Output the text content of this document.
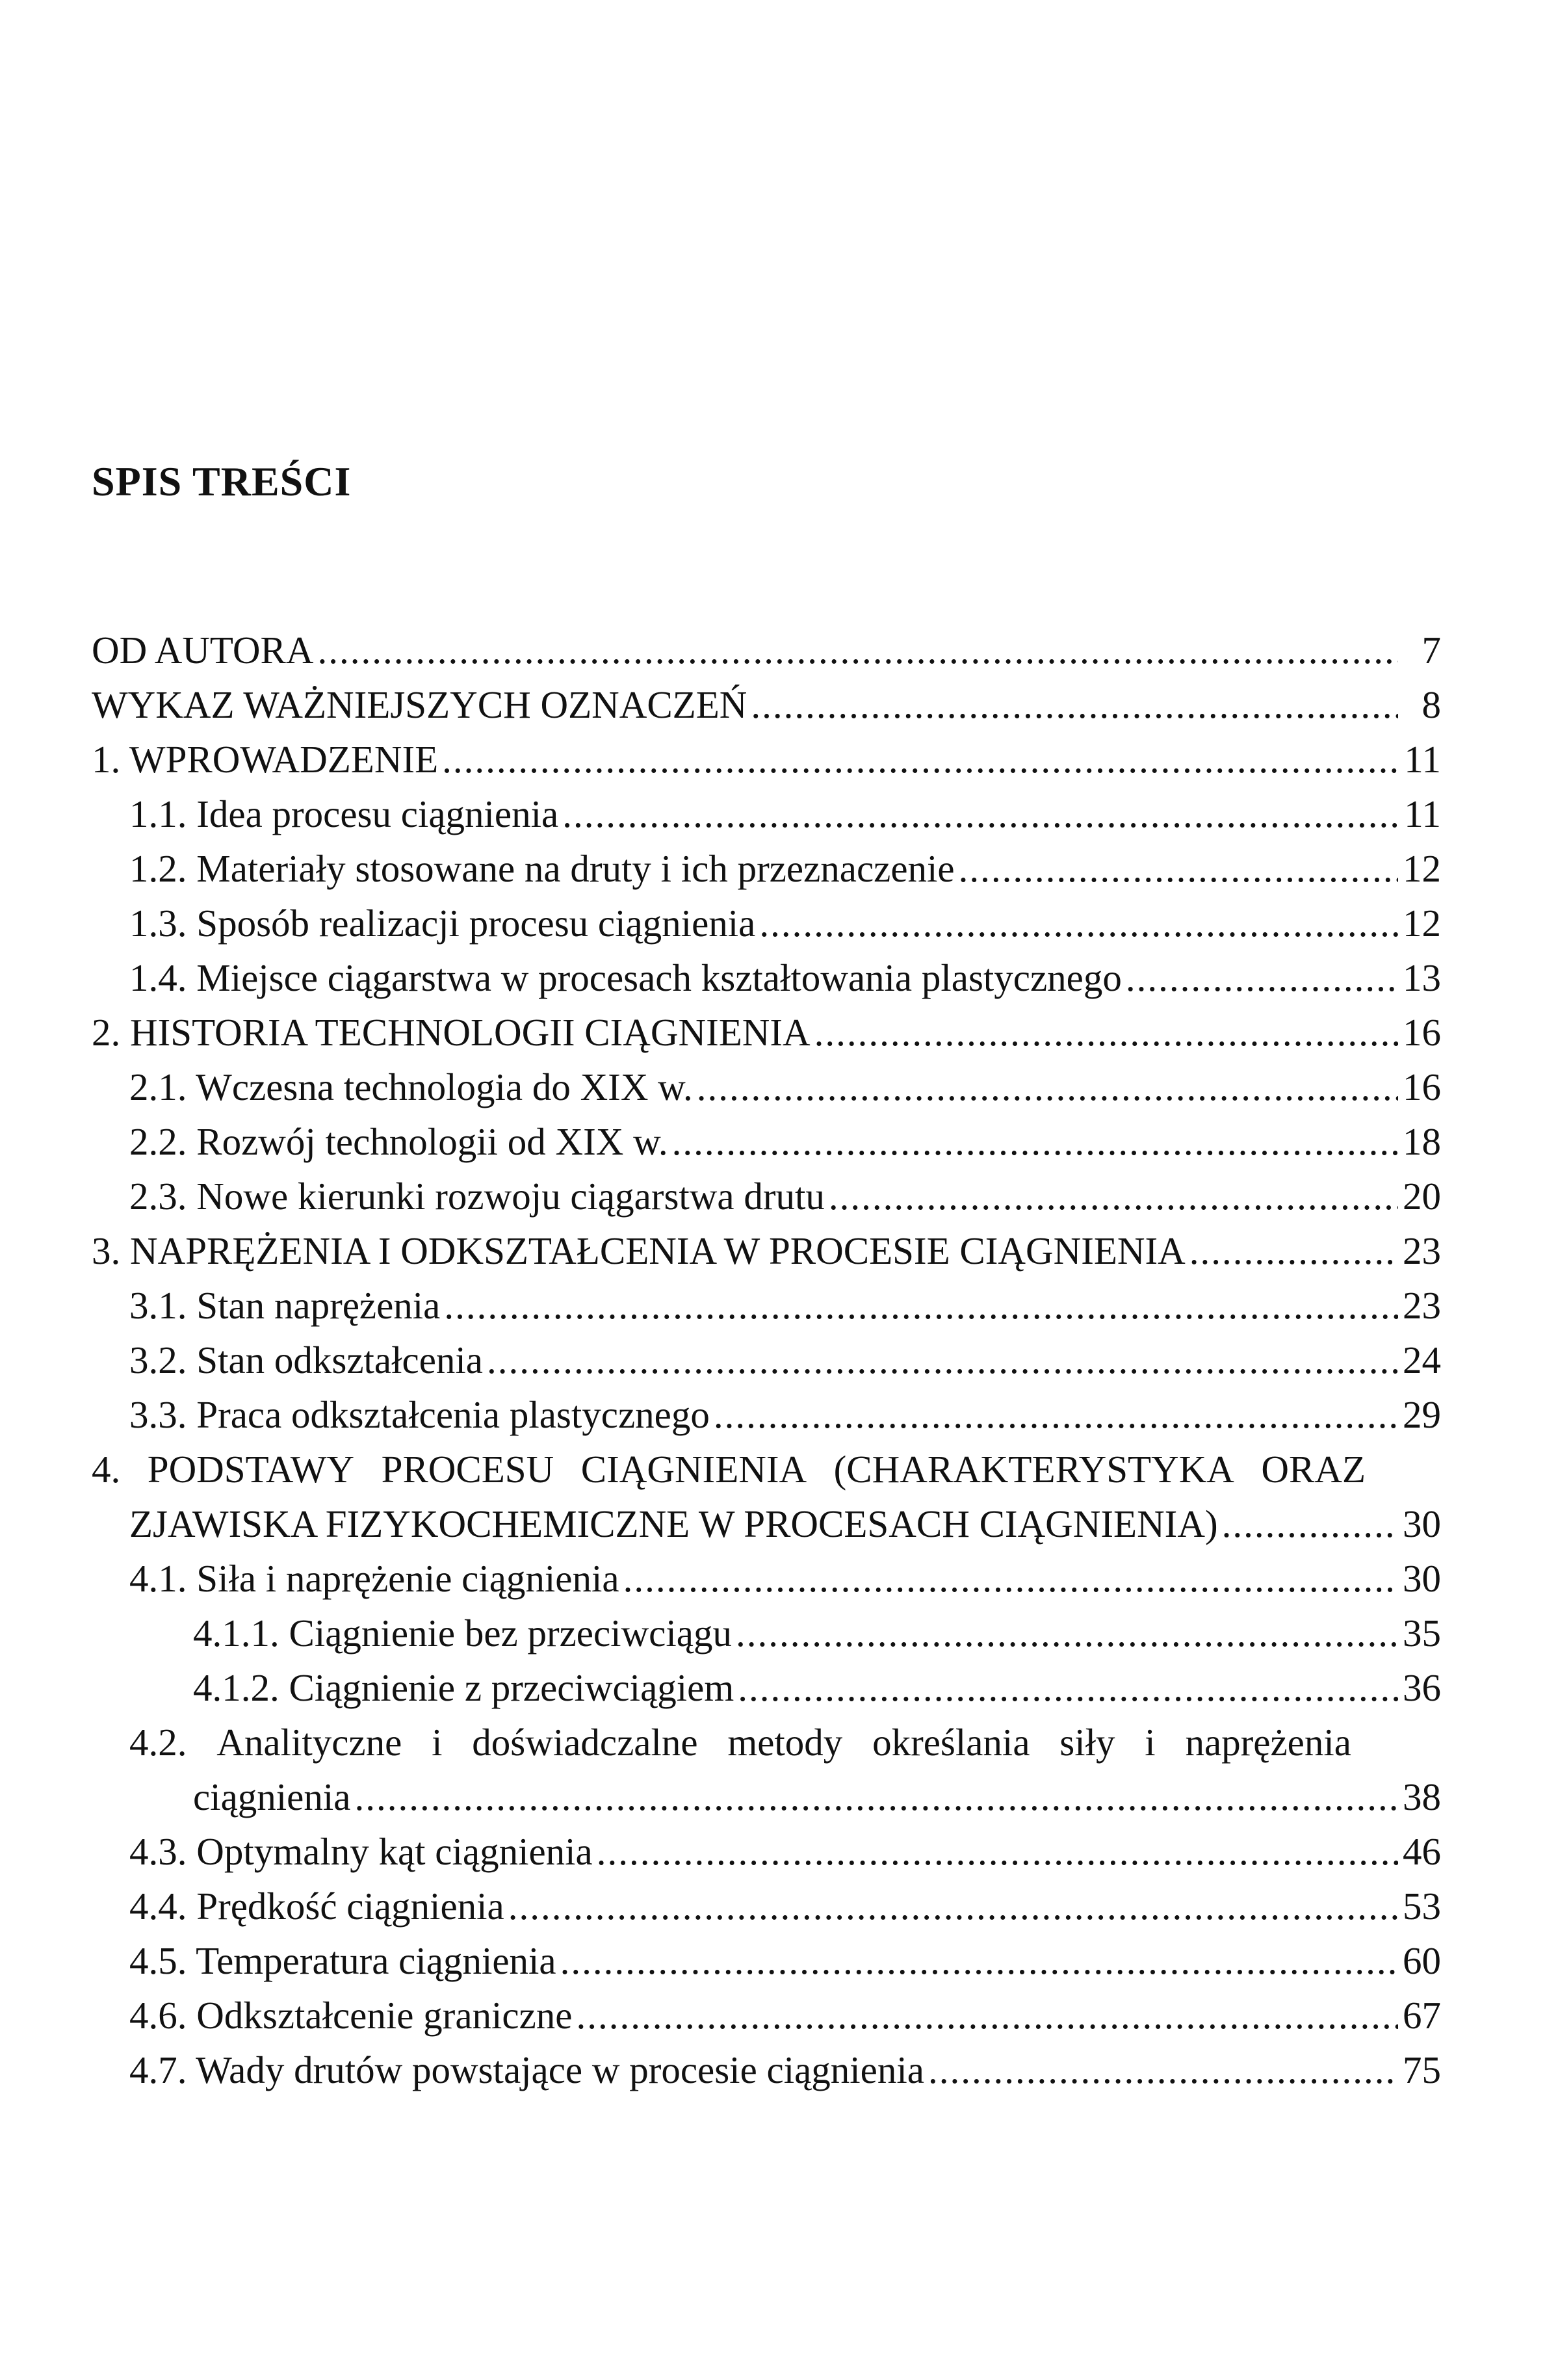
SPIS TREŚCI
OD AUTORA .....	7
WYKAZ WAŻNIEJSZYCH OZNACZEŃ .....	8
1. WPROWADZENIE .....	11
1.1. Idea procesu ciągnienia .....	11
1.2. Materiały stosowane na druty i ich przeznaczenie .....	12
1.3. Sposób realizacji procesu ciągnienia .....	12
1.4. Miejsce ciągarstwa w procesach kształtowania plastycznego .....	13
2. HISTORIA TECHNOLOGII CIĄGNIENIA .....	16
2.1. Wczesna technologia do XIX w. .....	16
2.2. Rozwój technologii od XIX w. .....	18
2.3. Nowe kierunki rozwoju ciągarstwa drutu .....	20
3. NAPRĘŻENIA I ODKSZTAŁCENIA W PROCESIE CIĄGNIENIA .....	23
3.1. Stan naprężenia .....	23
3.2. Stan odkształcenia .....	24
3.3. Praca odkształcenia plastycznego .....	29
4. PODSTAWY PROCESU CIĄGNIENIA (CHARAKTERYSTYKA ORAZ
ZJAWISKA FIZYKOCHEMICZNE W PROCESACH CIĄGNIENIA) .....	30
4.1. Siła i naprężenie ciągnienia .....	30
4.1.1. Ciągnienie bez przeciwciągu .....	35
4.1.2. Ciągnienie z przeciwciągiem .....	36
4.2. Analityczne i doświadczalne metody określania siły i naprężenia
ciągnienia .....	38
4.3. Optymalny kąt ciągnienia .....	46
4.4. Prędkość ciągnienia .....	53
4.5. Temperatura ciągnienia .....	60
4.6. Odkształcenie graniczne .....	67
4.7. Wady drutów powstające w procesie ciągnienia .....	75
